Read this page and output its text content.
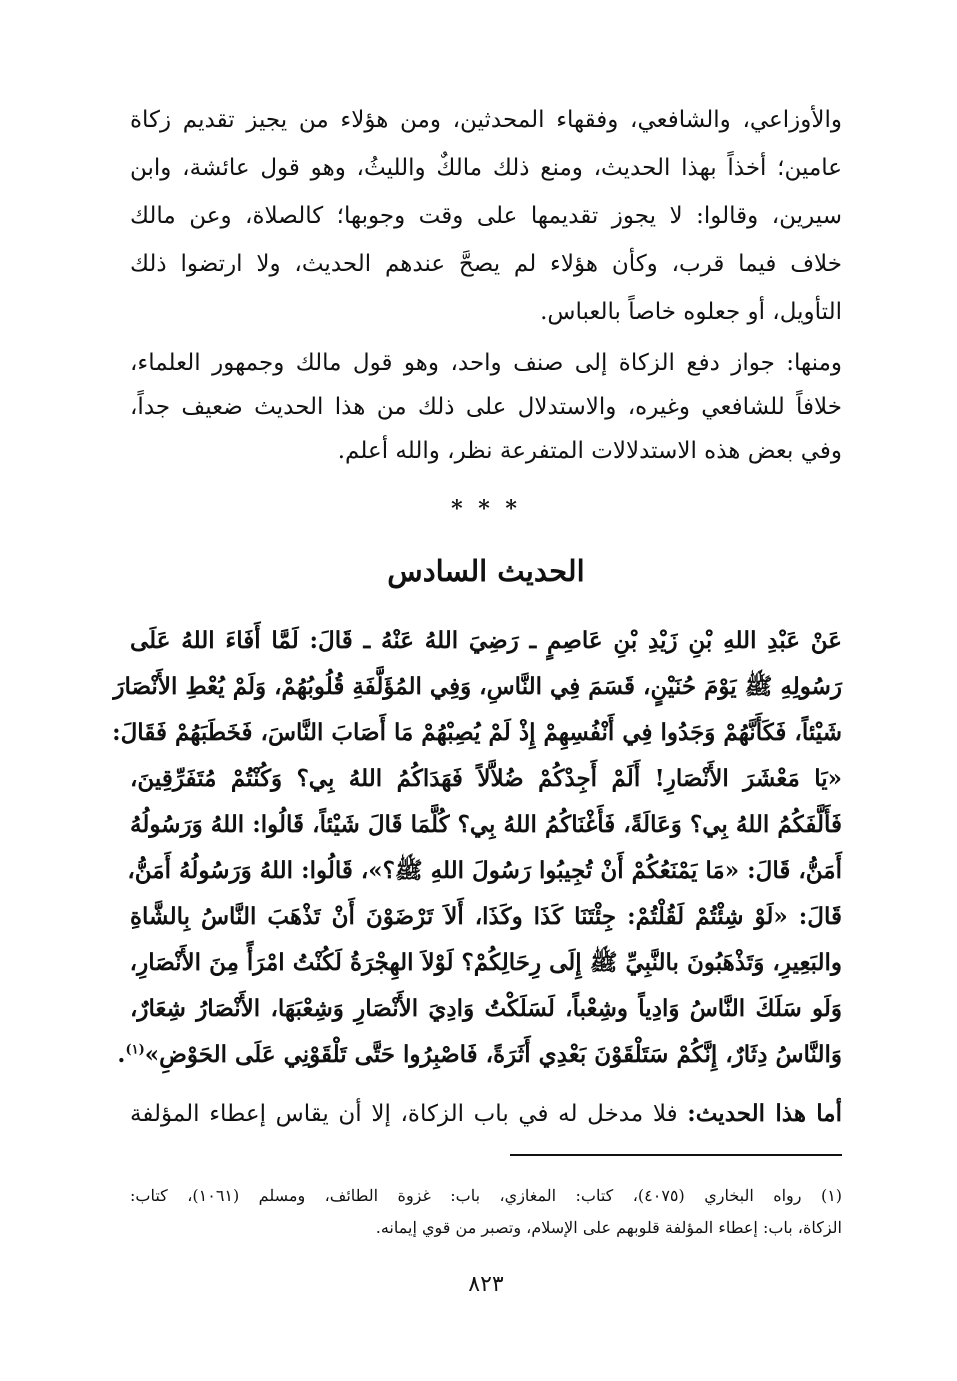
والأوزاعي، والشافعي، وفقهاء المحدثين، ومن هؤلاء من يجيز تقديم زكاة

عامين؛ أخذاً بهذا الحديث، ومنع ذلك مالكٌ والليثُ، وهو قول عائشة، وابن

سيرين، وقالوا: لا يجوز تقديمها على وقت وجوبها؛ كالصلاة، وعن مالك

خلاف فيما قرب، وكأن هؤلاء لم يصحَّ عندهم الحديث، ولا ارتضوا ذلك

التأويل، أو جعلوه خاصاً بالعباس.

ومنها: جواز دفع الزكاة إلى صنف واحد، وهو قول مالك وجمهور العلماء،

خلافاً للشافعي وغيره، والاستدلال على ذلك من هذا الحديث ضعيف جداً،

وفي بعض هذه الاستدلالات المتفرعة نظر، والله أعلم.

* * *
الحديث السادس

عَنْ عَبْدِ اللهِ بْنِ زَيْدِ بْنِ عَاصِمٍ ـ رَضِيَ اللهُ عَنْهُ ـ قَالَ: لَمَّا أَفَاءَ اللهُ عَلَى

رَسُولِهِ ﷺ يَوْمَ حُنَيْنٍ، قَسَمَ فِي النَّاسِ، وَفِي المُؤَلَّفَةِ قُلُوبُهُمْ، وَلَمْ يُعْطِ الأَنْصَارَ

شَيْئاً، فَكَأَنَّهُمْ وَجَدُوا فِي أَنْفُسِهِمْ إِذْ لَمْ يُصِبْهُمْ مَا أَصَابَ النَّاسَ، فَخَطَبَهُمْ فَقَالَ:

«يَا مَعْشَرَ الأَنْصَارِ! أَلَمْ أَجِدْكُمْ ضُلاَّلاً فَهَدَاكُمُ اللهُ بِي؟ وَكُنْتُمْ مُتَفَرِّقِينَ،

فَأَلَّفَكُمُ اللهُ بِي؟ وَعَالَةً، فَأَغْنَاكُمُ اللهُ بِي؟ كُلَّمَا قَالَ شَيْئاً، قَالُوا: اللهُ وَرَسُولُهُ

أَمَنُّ، قَالَ: «مَا يَمْنَعُكُمْ أَنْ تُجِيبُوا رَسُولَ اللهِ ﷺ؟»، قَالُوا: اللهُ وَرَسُولُهُ أَمَنُّ،

قَالَ: «لَوْ شِئْتُمْ لَقُلْتُمْ: جِئْتَنَا كَذَا وكَذَا، أَلاَ تَرْضَوْنَ أَنْ تَذْهَبَ النَّاسُ بِالشَّاةِ

والبَعِيرِ، وَتَذْهَبُونَ بالنَّبِيِّ ﷺ إِلَى رِحَالِكُمْ؟ لَوْلاَ الهِجْرَةُ لَكُنْتُ امْرَأً مِنَ الأَنْصَارِ،

وَلَو سَلَكَ النَّاسُ وَادِياً وشِعْباً، لَسَلَكْتُ وَادِيَ الأَنْصَارِ وَشِعْبَهَا، الأَنْصَارُ شِعَارٌ،

وَالنَّاسُ دِثَارٌ، إِنَّكُمْ سَتَلْقَوْنَ بَعْدِي أَثَرَةً، فَاصْبِرُوا حَتَّى تَلْقَوْنِي عَلَى الحَوْضِ»$^{(١)}$.

أما هذا الحديث: فلا مدخل له في باب الزكاة، إلا أن يقاس إعطاء المؤلفة

(١) رواه البخاري (٤٠٧٥)، كتاب: المغازي، باب: غزوة الطائف، ومسلم (١٠٦١)، كتاب:

الزكاة، باب: إعطاء المؤلفة قلوبهم على الإسلام، وتصبر من قوي إيمانه.

٨٢٣
